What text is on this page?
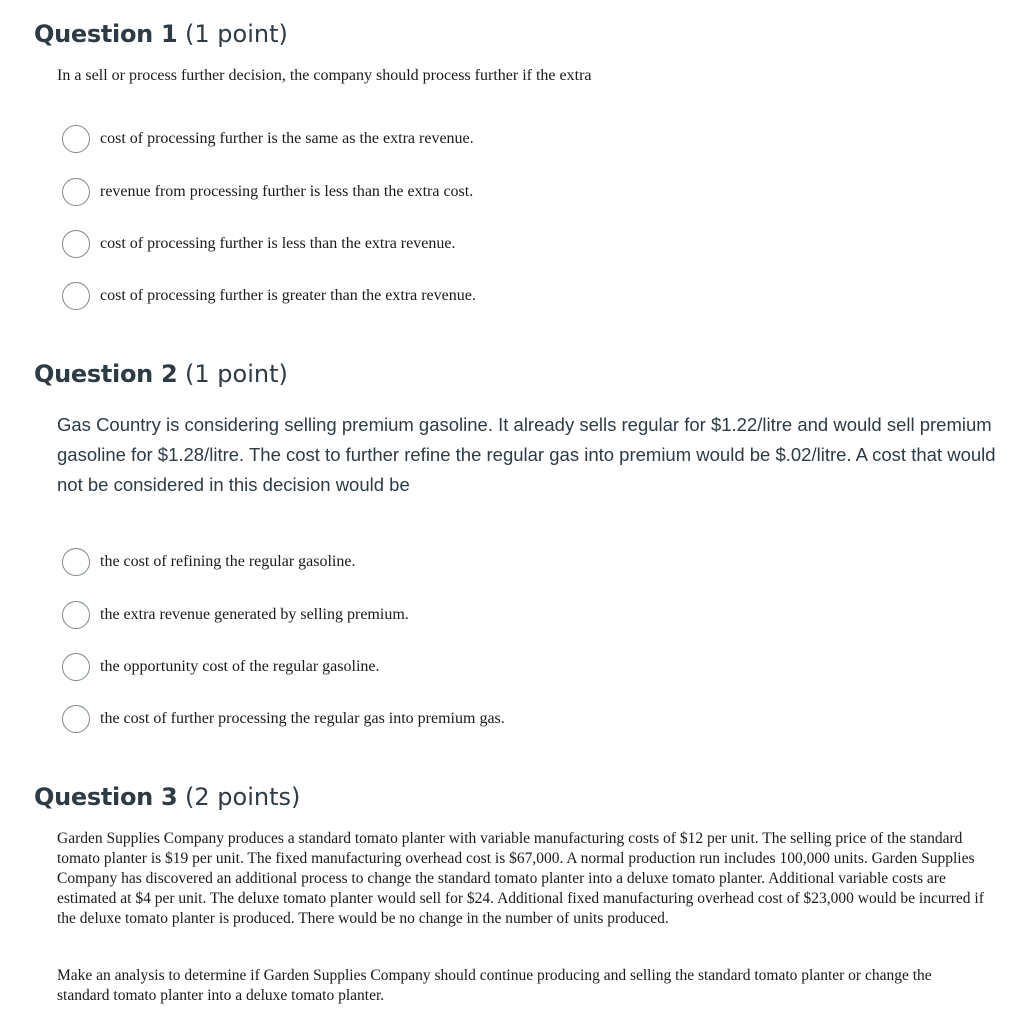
Question 1 (1 point)
In a sell or process further decision, the company should process further if the extra
cost of processing further is the same as the extra revenue.
revenue from processing further is less than the extra cost.
cost of processing further is less than the extra revenue.
cost of processing further is greater than the extra revenue.
Question 2 (1 point)
Gas Country is considering selling premium gasoline. It already sells regular for $1.22/litre and would sell premium gasoline for $1.28/litre. The cost to further refine the regular gas into premium would be $.02/litre. A cost that would not be considered in this decision would be
the cost of refining the regular gasoline.
the extra revenue generated by selling premium.
the opportunity cost of the regular gasoline.
the cost of further processing the regular gas into premium gas.
Question 3 (2 points)
Garden Supplies Company produces a standard tomato planter with variable manufacturing costs of $12 per unit. The selling price of the standard tomato planter is $19 per unit. The fixed manufacturing overhead cost is $67,000. A normal production run includes 100,000 units. Garden Supplies Company has discovered an additional process to change the standard tomato planter into a deluxe tomato planter. Additional variable costs are estimated at $4 per unit. The deluxe tomato planter would sell for $24. Additional fixed manufacturing overhead cost of $23,000 would be incurred if the deluxe tomato planter is produced. There would be no change in the number of units produced.
Make an analysis to determine if Garden Supplies Company should continue producing and selling the standard tomato planter or change the standard tomato planter into a deluxe tomato planter.
